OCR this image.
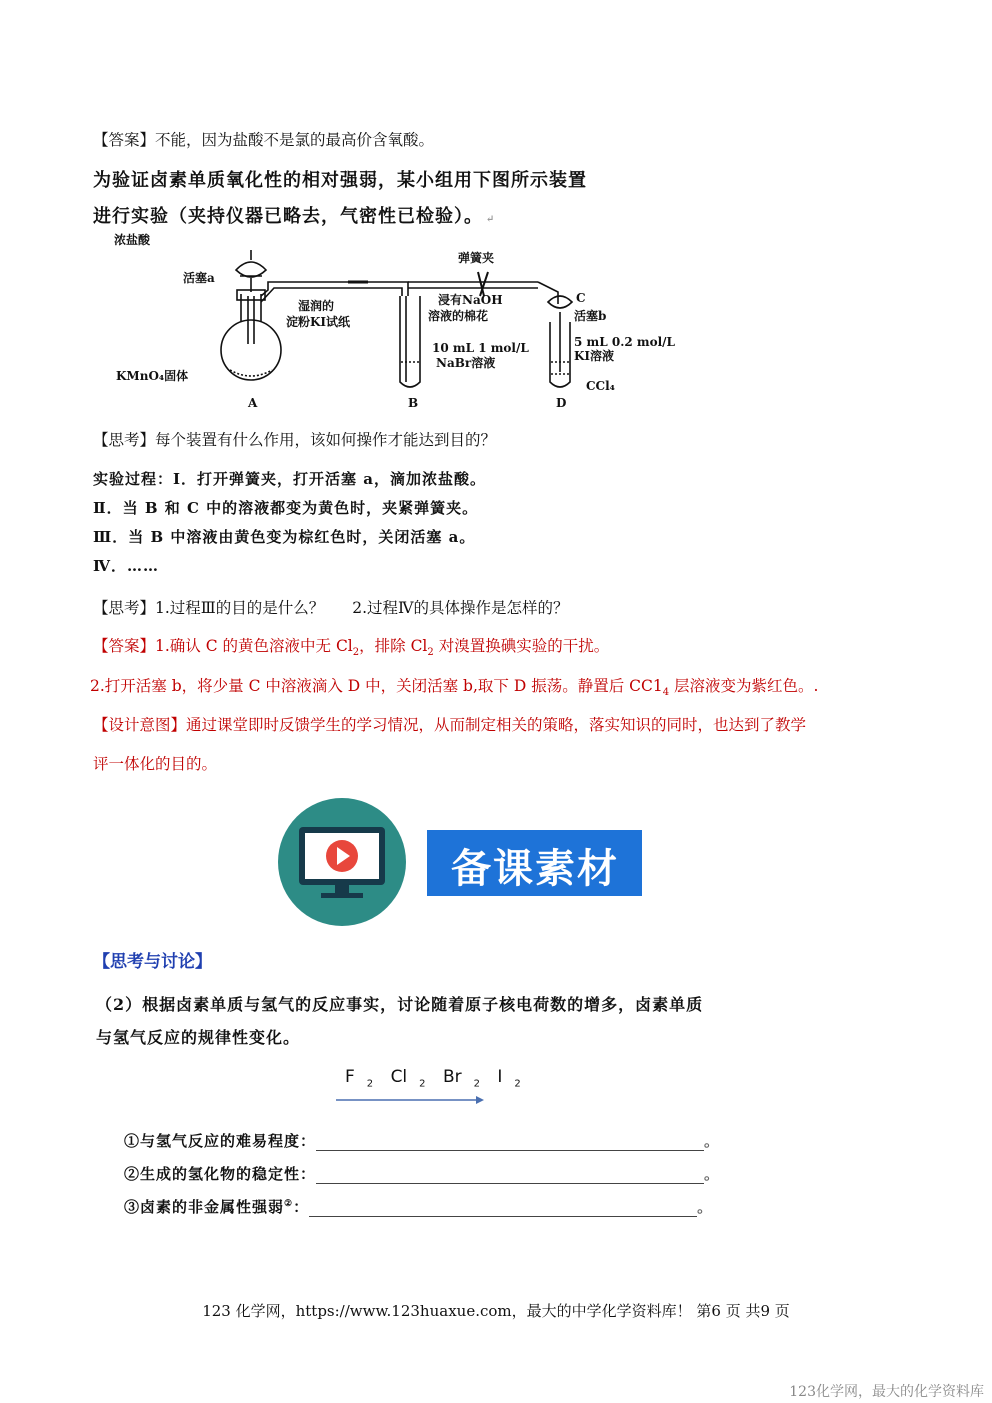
【答案】不能，因为盐酸不是氯的最高价含氧酸。
为验证卤素单质氧化性的相对强弱，某小组用下图所示装置
进行实验（夹持仪器已略去，气密性已检验）。 ↵
浓盐酸
活塞a
KMnO₄固体
湿润的
淀粉KI试纸
弹簧夹
浸有NaOH
溶液的棉花
10 mL 1 mol/L
NaBr溶液
C
活塞b
5 mL 0.2 mol/L
KI溶液
CCl₄
A	B	D
【思考】每个装置有什么作用，该如何操作才能达到目的？
实验过程：Ⅰ．打开弹簧夹，打开活塞 a，滴加浓盐酸。
Ⅱ．当 B 和 C 中的溶液都变为黄色时，夹紧弹簧夹。
Ⅲ．当 B 中溶液由黄色变为棕红色时，关闭活塞 a。
Ⅳ．……
【思考】1.过程Ⅲ的目的是什么？ 2.过程Ⅳ的具体操作是怎样的？
【答案】1.确认 C 的黄色溶液中无 $Cl_2$，排除 $Cl_2$ 对溴置换碘实验的干扰。
2.打开活塞 b，将少量 C 中溶液滴入 D 中，关闭活塞 b,取下 D 振荡。静置后 $CC1_4$ 层溶液变为紫红色。.
【设计意图】通过课堂即时反馈学生的学习情况，从而制定相关的策略，落实知识的同时，也达到了教学
评一体化的目的。
备课素材
【思考与讨论】
（2）根据卤素单质与氢气的反应事实，讨论随着原子核电荷数的增多，卤素单质
与氢气反应的规律性变化。
F $_2$ Cl $_2$ Br $_2$ I $_2$
①与氢气反应的难易程度：	。
②生成的氢化物的稳定性：	。
③卤素的非金属性强弱②：	。
123 化学网，https://www.123huaxue.com，最大的中学化学资料库！ 第6 页 共9 页
123化学网，最大的化学资料库
